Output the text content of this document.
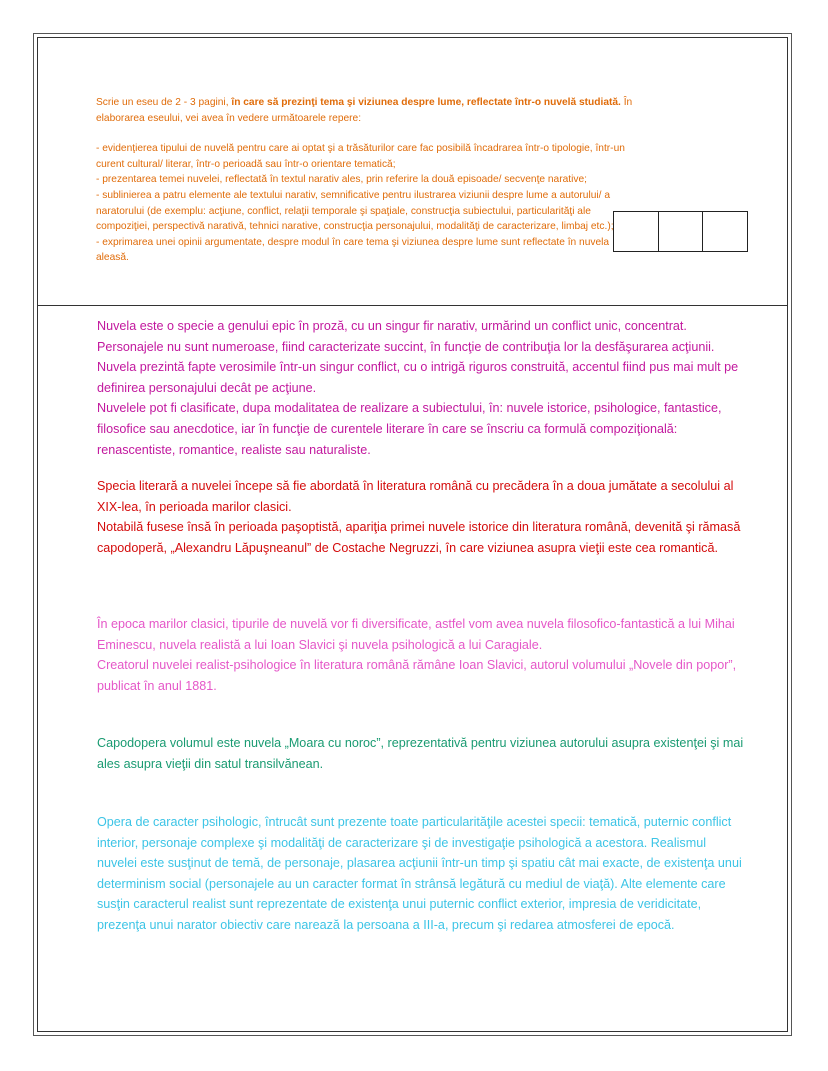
Scrie un eseu de 2 - 3 pagini, în care să prezinţi tema şi viziunea despre lume, reflectate într-o nuvelă studiată. În elaborarea eseului, vei avea în vedere următoarele repere:

- evidenţierea tipului de nuvelă pentru care ai optat şi a trăsăturilor care fac posibilă încadrarea într-o tipologie, într-un curent cultural/ literar, într-o perioadă sau într-o orientare tematică;

- prezentarea temei nuvelei, reflectată în textul narativ ales, prin referire la două episoade/ secvenţe narative;

- sublinierea a patru elemente ale textului narativ, semnificative pentru ilustrarea viziunii despre lume a autorului/ a naratorului (de exemplu: acţiune, conflict, relaţii temporale şi spaţiale, construcţia subiectului, particularităţi ale compoziţiei, perspectivă narativă, tehnici narative, construcţia personajului, modalităţi de caracterizare, limbaj etc.);

- exprimarea unei opinii argumentate, despre modul în care tema şi viziunea despre lume sunt reflectate în nuvela aleasă.

Nuvela este o specie a genului epic în proză, cu un singur fir narativ, urmărind un conflict unic, concentrat. Personajele nu sunt numeroase, fiind caracterizate succint, în funcţie de contribuţia lor la desfăşurarea acţiunii. Nuvela prezintă fapte verosimile într-un singur conflict, cu o intrigă riguros construită, accentul fiind pus mai mult pe definirea personajului decât pe acţiune.

Nuvelele pot fi clasificate, dupa modalitatea de realizare a subiectului, în: nuvele istorice, psihologice, fantastice, filosofice sau anecdotice, iar în funcţie de curentele literare în care se înscriu ca formulă compoziţională: renascentiste, romantice, realiste sau naturaliste.

Specia literară a nuvelei începe să fie abordată în literatura română cu precădera în a doua jumătate a secolului al XIX-lea, în perioada marilor clasici.

Notabilă fusese însă în perioada paşoptistă, apariţia primei nuvele istorice din literatura română, devenită şi rămasă capodoperă, „Alexandru Lăpuşneanul” de Costache Negruzzi, în care viziunea asupra vieţii este cea romantică.

În epoca marilor clasici, tipurile de nuvelă vor fi diversificate, astfel vom avea nuvela filosofico-fantastică a lui Mihai Eminescu, nuvela realistă a lui Ioan Slavici şi nuvela psihologică a lui Caragiale.

Creatorul nuvelei realist-psihologice în literatura română rămâne Ioan Slavici, autorul volumului „Novele din popor”, publicat în anul 1881.

Capodopera volumul este nuvela „Moara cu noroc”, reprezentativă pentru viziunea autorului asupra existenţei şi mai ales asupra vieţii din satul transilvănean.

Opera de caracter psihologic, întrucât sunt prezente toate particularităţile acestei specii: tematică, puternic conflict interior, personaje complexe şi modalităţi de caracterizare şi de investigaţie psihologică a acestora. Realismul nuvelei este susţinut de temă, de personaje, plasarea acţiunii într-un timp şi spatiu cât mai exacte, de existenţa unui determinism social (personajele au un caracter format în strânsă legătură cu mediul de viaţă). Alte elemente care susţin caracterul realist sunt reprezentate de existenţa unui puternic conflict exterior, impresia de veridicitate, prezenţa unui narator obiectiv care narează la persoana a III-a, precum şi redarea atmosferei de epocă.
